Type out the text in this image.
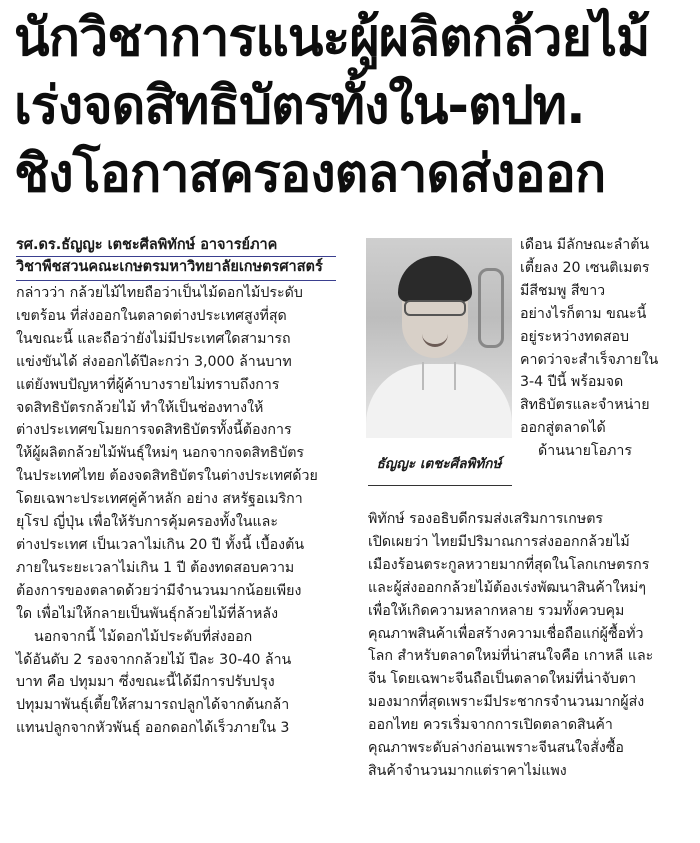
นักวิชาการแนะผู้ผลิตกล้วยไม้
เร่งจดสิทธิบัตรทั้งใน-ตปท.
ชิงโอกาสครองตลาดส่งออก
รศ.ดร.ธัญญะ เตชะศีลพิทักษ์ อาจารย์ภาค
วิชาพืชสวนคณะเกษตรมหาวิทยาลัยเกษตรศาสตร์
กล่าวว่า กล้วยไม้ไทยถือว่าเป็นไม้ดอกไม้ประดับ
เขตร้อน ที่ส่งออกในตลาดต่างประเทศสูงที่สุด
ในขณะนี้ และถือว่ายังไม่มีประเทศใดสามารถ
แข่งขันได้ ส่งออกได้ปีละกว่า 3,000 ล้านบาท
แต่ยังพบปัญหาที่ผู้ค้าบางรายไม่ทราบถึงการ
จดสิทธิบัตรกล้วยไม้ ทำให้เป็นช่องทางให้
ต่างประเทศขโมยการจดสิทธิบัตรทั้งนี้ต้องการ
ให้ผู้ผลิตกล้วยไม้พันธุ์ใหม่ๆ นอกจากจดสิทธิบัตร
ในประเทศไทย ต้องจดสิทธิบัตรในต่างประเทศด้วย
โดยเฉพาะประเทศคู่ค้าหลัก อย่าง สหรัฐอเมริกา
ยุโรป ญี่ปุ่น เพื่อให้รับการคุ้มครองทั้งในและ
ต่างประเทศ เป็นเวลาไม่เกิน 20 ปี ทั้งนี้ เบื้องต้น
ภายในระยะเวลาไม่เกิน 1 ปี ต้องทดสอบความ
ต้องการของตลาดด้วยว่ามีจำนวนมากน้อยเพียง
ใด เพื่อไม่ให้กลายเป็นพันธุ์กล้วยไม้ที่ล้าหลัง
นอกจากนี้ ไม้ดอกไม้ประดับที่ส่งออก
ได้อันดับ 2 รองจากกล้วยไม้ ปีละ 30-40 ล้าน
บาท คือ ปทุมมา ซึ่งขณะนี้ได้มีการปรับปรุง
ปทุมมาพันธุ์เตี้ยให้สามารถปลูกได้จากต้นกล้า
แทนปลูกจากหัวพันธุ์ ออกดอกได้เร็วภายใน 3
ธัญญะ เตชะศีลพิทักษ์
เดือน มีลักษณะลำต้น
เตี้ยลง 20 เซนติเมตร
มีสีชมพู สีขาว
อย่างไรก็ตาม ขณะนี้
อยู่ระหว่างทดสอบ
คาดว่าจะสำเร็จภายใน
3-4 ปีนี้ พร้อมจด
สิทธิบัตรและจำหน่าย
ออกสู่ตลาดได้
ด้านนายโอภาร
พิทักษ์ รองอธิบดีกรมส่งเสริมการเกษตร
เปิดเผยว่า ไทยมีปริมาณการส่งออกกล้วยไม้
เมืองร้อนตระกูลหวายมากที่สุดในโลกเกษตรกร
และผู้ส่งออกกล้วยไม้ต้องเร่งพัฒนาสินค้าใหม่ๆ
เพื่อให้เกิดความหลากหลาย รวมทั้งควบคุม
คุณภาพสินค้าเพื่อสร้างความเชื่อถือแก่ผู้ซื้อทั่ว
โลก สำหรับตลาดใหม่ที่น่าสนใจคือ เกาหลี และ
จีน โดยเฉพาะจีนถือเป็นตลาดใหม่ที่น่าจับตา
มองมากที่สุดเพราะมีประชากรจำนวนมากผู้ส่ง
ออกไทย ควรเริ่มจากการเปิดตลาดสินค้า
คุณภาพระดับล่างก่อนเพราะจีนสนใจสั่งซื้อ
สินค้าจำนวนมากแต่ราคาไม่แพง
